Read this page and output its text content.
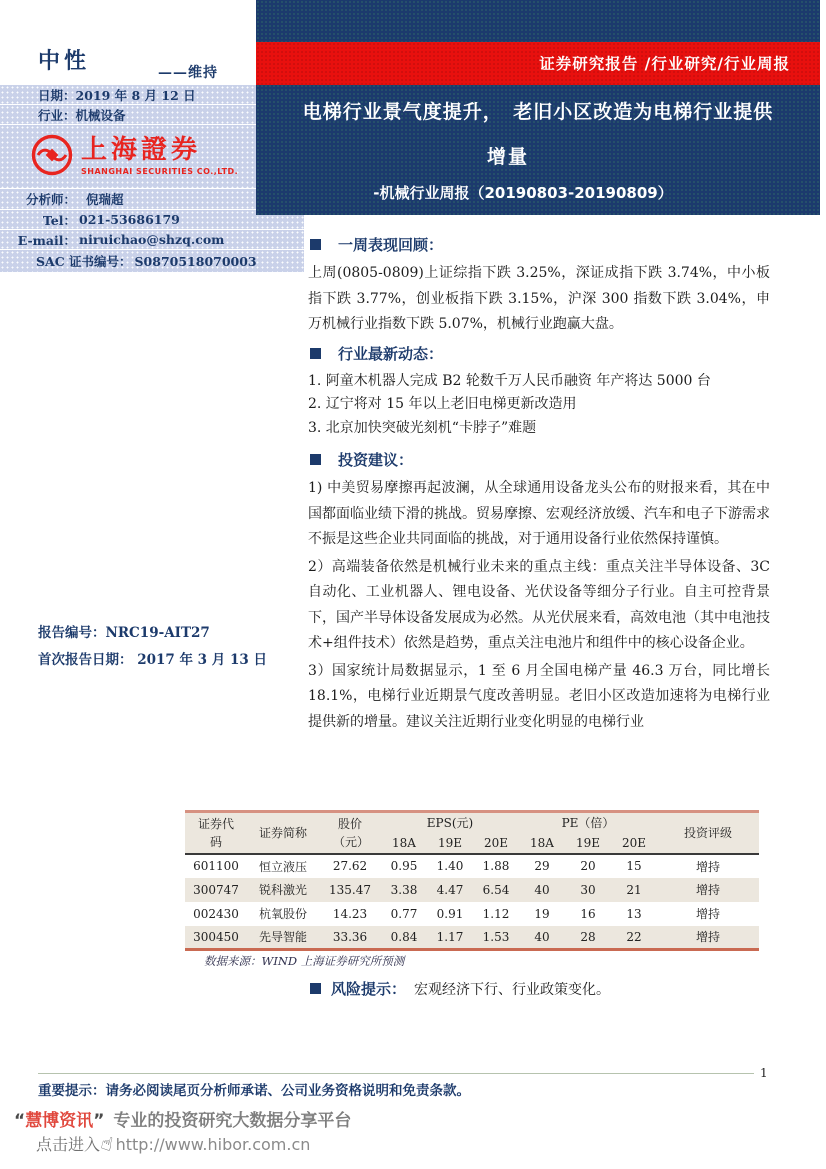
中性	——维持	证券研究报告 /行业研究/行业周报
电梯行业景气度提升，　老旧小区改造为电梯行业提供
增量
-机械行业周报（20190803-20190809）
日期： 2019 年 8 月 12 日
行业： 机械设备
上海證券
SHANGHAI SECURITIES CO.,LTD.
分析师： 倪瑞超
Tel： 021-53686179
E-mail： niruichao@shzq.com
SAC 证书编号： S0870518070003
报告编号：NRC19-AIT27
首次报告日期： 2017 年 3 月 13 日
一周表现回顾：

上周(0805-0809)上证综指下跌 3.25%，深证成指下跌 3.74%，中小板指下跌 3.77%，创业板指下跌 3.15%，沪深 300 指数下跌 3.04%，申万机械行业指数下跌 5.07%，机械行业跑赢大盘。

行业最新动态：
1. 阿童木机器人完成 B2 轮数千万人民币融资 年产将达 5000 台
2. 辽宁将对 15 年以上老旧电梯更新改造用
3. 北京加快突破光刻机“卡脖子”难题
投资建议：

1) 中美贸易摩擦再起波澜，从全球通用设备龙头公布的财报来看，其在中国都面临业绩下滑的挑战。贸易摩擦、宏观经济放缓、汽车和电子下游需求不振是这些企业共同面临的挑战，对于通用设备行业依然保持谨慎。

2）高端装备依然是机械行业未来的重点主线：重点关注半导体设备、3C 自动化、工业机器人、锂电设备、光伏设备等细分子行业。自主可控背景下，国产半导体设备发展成为必然。从光伏展来看，高效电池（其中电池技术+组件技术）依然是趋势，重点关注电池片和组件中的核心设备企业。

3）国家统计局数据显示，1 至 6 月全国电梯产量 46.3 万台，同比增长 18.1%，电梯行业近期景气度改善明显。老旧小区改造加速将为电梯行业提供新的增量。建议关注近期行业变化明显的电梯行业

证券代码	证券简称	股价（元）	EPS(元)			PE（倍）			投资评级
			18A	19E	20E	18A	19E	20E	
601100	恒立液压	27.62	0.95	1.40	1.88	29	20	15	增持
300747	锐科激光	135.47	3.38	4.47	6.54	40	30	21	增持
002430	杭氧股份	14.23	0.77	0.91	1.12	19	16	13	增持
300450	先导智能	33.36	0.84	1.17	1.53	40	28	22	增持
数据来源：WIND 上海证券研究所预测
风险提示： 宏观经济下行、行业政策变化。
1
重要提示：请务必阅读尾页分析师承诺、公司业务资格说明和免责条款。
“慧博资讯” 专业的投资研究大数据分享平台
点击进入☝http://www.hibor.com.cn
